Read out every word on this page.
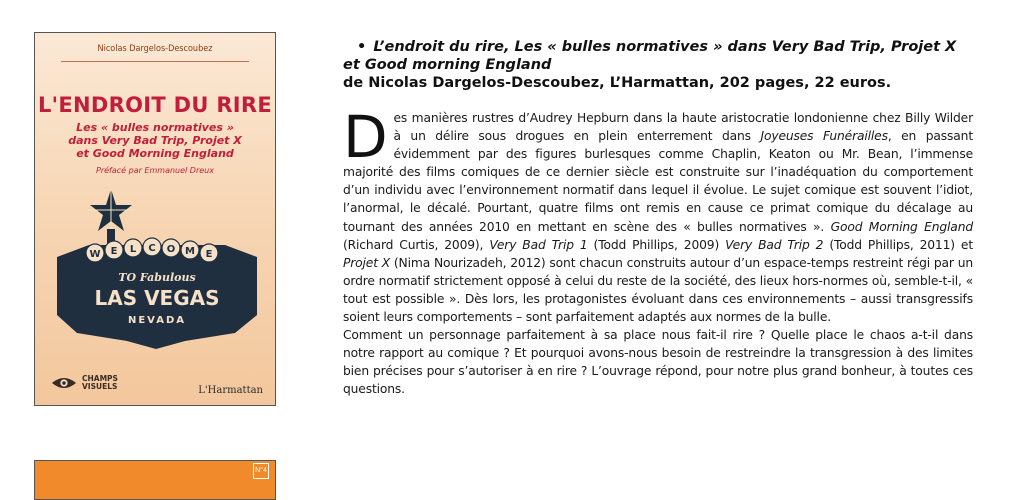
Nicolas Dargelos-Descoubez
L'ENDROIT DU RIRE
Les « bulles normatives »
dans Very Bad Trip, Projet X
et Good Morning England
Préfacé par Emmanuel Dreux
W E L C O M E
TO Fabulous
LAS VEGAS
NEVADA
CHAMPS
VISUELS	L'Harmattan
N°4
• L’endroit du rire, Les « bulles normatives » dans Very Bad Trip, Projet X et Good morning England
de Nicolas Dargelos-Descoubez, L’Harmattan, 202 pages, 22 euros.

Des manières rustres d’Audrey Hepburn dans la haute aristocratie londonienne chez Billy Wilder à un délire sous drogues en plein enterrement dans Joyeuses Funérailles, en passant évidemment par des figures burlesques comme Chaplin, Keaton ou Mr. Bean, l’immense majorité des films comiques de ce dernier siècle est construite sur l’inadéquation du comportement d’un individu avec l’environnement normatif dans lequel il évolue. Le sujet comique est souvent l’idiot, l’anormal, le décalé. Pourtant, quatre films ont remis en cause ce primat comique du décalage au tournant des années 2010 en mettant en scène des « bulles normatives ». Good Morning England (Richard Curtis, 2009), Very Bad Trip 1 (Todd Phillips, 2009) Very Bad Trip 2 (Todd Phillips, 2011) et Projet X (Nima Nourizadeh, 2012) sont chacun construits autour d’un espace-temps restreint régi par un ordre normatif strictement opposé à celui du reste de la société, des lieux hors-normes où, semble-t-il, « tout est possible ». Dès lors, les protagonistes évoluant dans ces environnements – aussi transgressifs soient leurs comportements – sont parfaitement adaptés aux normes de la bulle.

Comment un personnage parfaitement à sa place nous fait-il rire ? Quelle place le chaos a-t-il dans notre rapport au comique ? Et pourquoi avons-nous besoin de restreindre la transgression à des limites bien précises pour s’autoriser à en rire ? L’ouvrage répond, pour notre plus grand bonheur, à toutes ces questions.
